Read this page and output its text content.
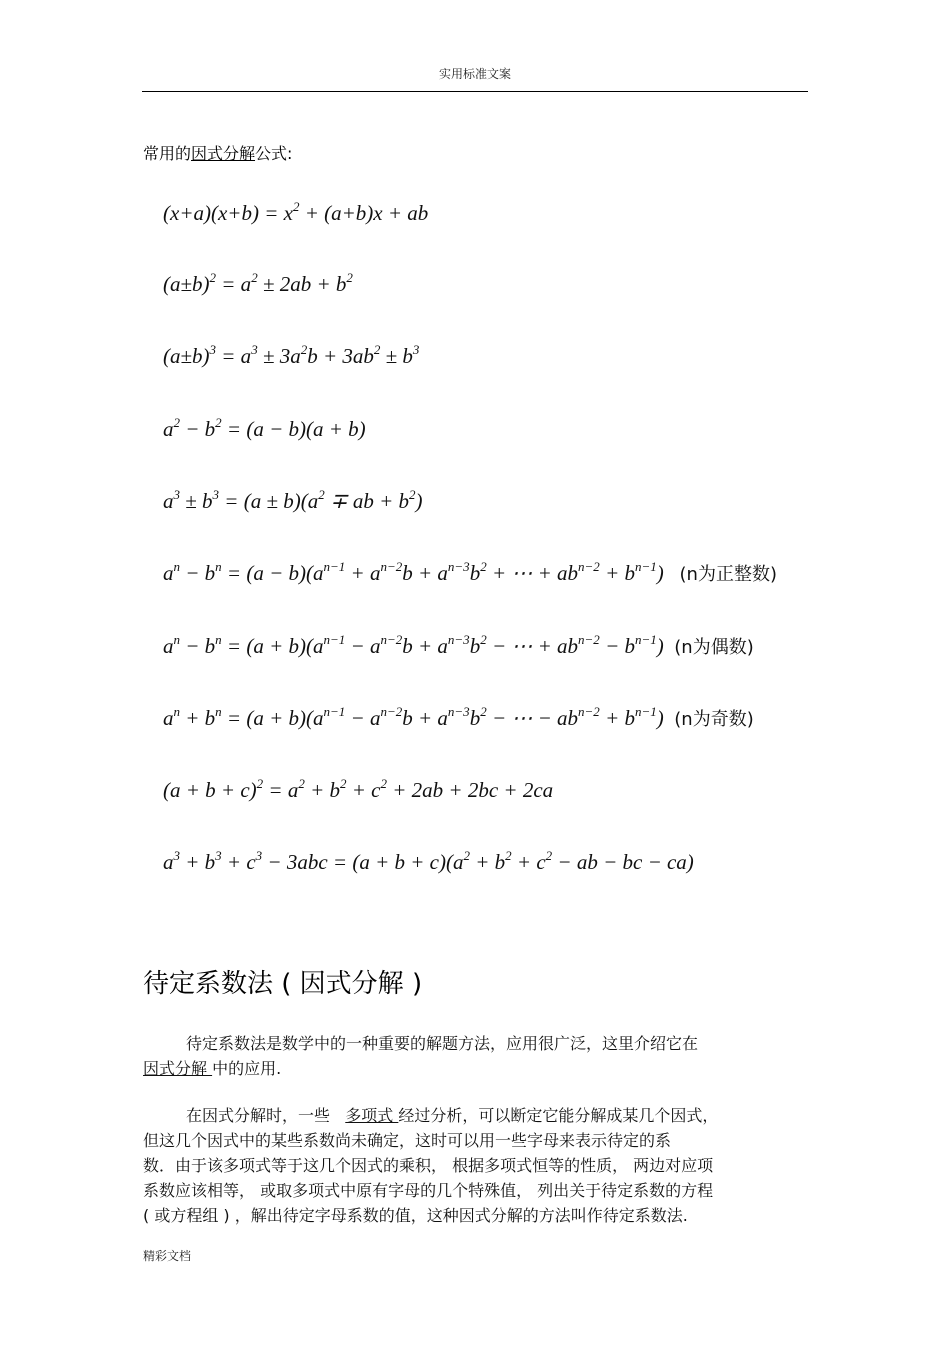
实用标准文案
常用的因式分解公式:
$(x+a)(x+b) = x^2 + (a+b)x$ + ab
$(a\pm b)^2 = a^2 \pm 2ab + b^2$
$(a\pm b)^3 = a^3 \pm 3a^2b + 3ab^2 \pm b^3$
$a^2 - b^2 = (a - b)(a + b)$
$a^3 \pm b^3 = (a \pm b)(a^2$ ∓ ab + $b^2$)
$a^n - b^n = (a - b)(a^{n-1} + a^{n-2}b + a^{n-3}b^2$ + ⋯ + $ab^{n-2} + b^{n-1}$) (n为正整数)
$a^n - b^n = (a + b)(a^{n-1} - a^{n-2}b + a^{n-3}b^2$ − ⋯ + $ab^{n-2} - b^{n-1}$) (n为偶数)
$a^n + b^n = (a + b)(a^{n-1} - a^{n-2}b + a^{n-3}b^2$ − ⋯ − $ab^{n-2} + b^{n-1}$) (n为奇数)
$(a + b + c)^2 = a^2 + b^2 + c^2 + 2ab + 2bc + 2ca$
$a^3 + b^3 + c^3 - 3abc = (a + b + c)(a^2 + b^2 + c^2$ − ab − bc − ca)
待定系数法 ( 因式分解 )
待定系数法是数学中的一种重要的解题方法，应用很广泛，这里介绍它在
因式分解 中的应用.
在因式分解时，一些 多项式 经过分析，可以断定它能分解成某几个因式，
但这几个因式中的某些系数尚未确定，这时可以用一些字母来表示待定的系
数．由于该多项式等于这几个因式的乘积， 根据多项式恒等的性质， 两边对应项
系数应该相等， 或取多项式中原有字母的几个特殊值， 列出关于待定系数的方程
( 或方程组 ) ，解出待定字母系数的值，这种因式分解的方法叫作待定系数法.
精彩文档
